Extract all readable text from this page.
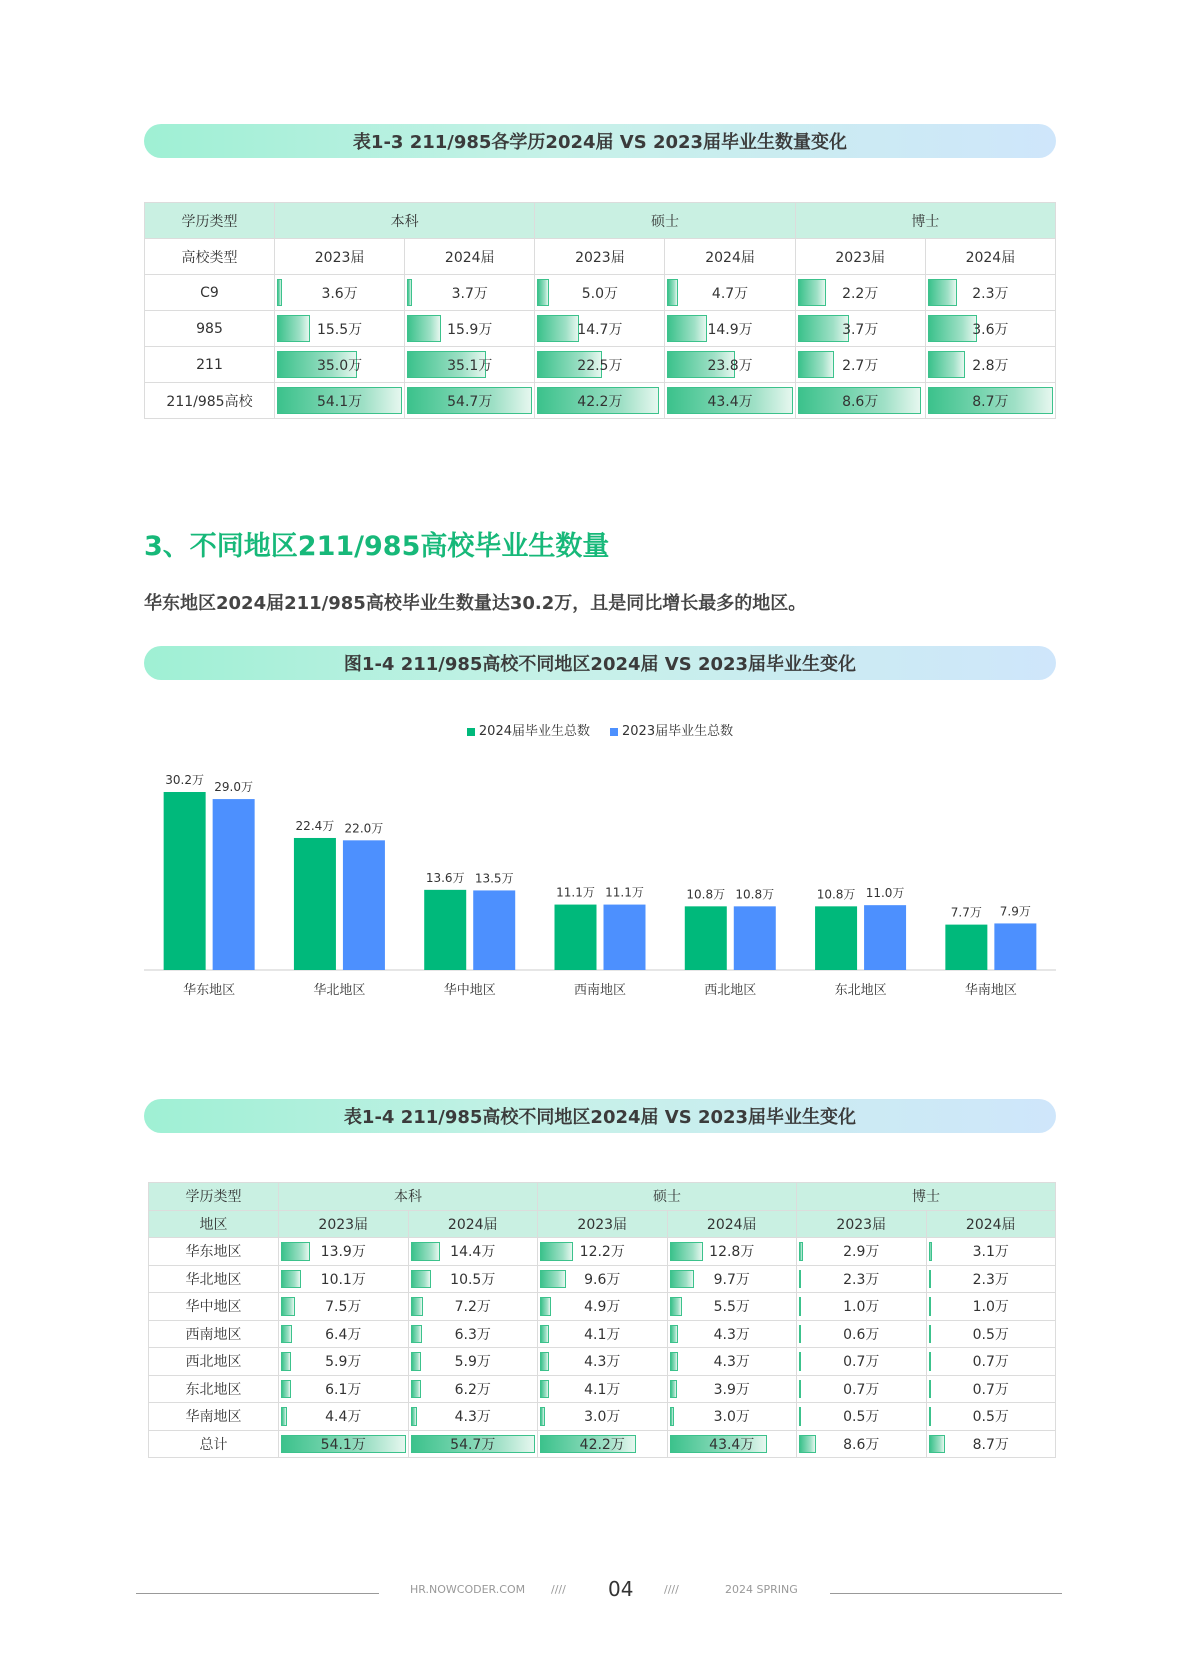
表1-3 211/985各学历2024届 VS 2023届毕业生数量变化
学历类型	本科		硕士		博士	
高校类型	2023届	2024届	2023届	2024届	2023届	2024届
C9	3.6万	3.7万	5.0万	4.7万	2.2万	2.3万
985	15.5万	15.9万	14.7万	14.9万	3.7万	3.6万
211	35.0万	35.1万	22.5万	23.8万	2.7万	2.8万
211/985高校	54.1万	54.7万	42.2万	43.4万	8.6万	8.7万
3、不同地区211/985高校毕业生数量
华东地区2024届211/985高校毕业生数量达30.2万，且是同比增长最多的地区。
图1-4 211/985高校不同地区2024届 VS 2023届毕业生变化
2024届毕业生总数	2023届毕业生总数
30.2万
29.0万
华东地区
22.4万 22.0万
华北地区
13.6万 13.5万
华中地区
11.1万 11.1万
西南地区
10.8万 10.8万
西北地区
10.8万 11.0万
东北地区
7.7万 7.9万
华南地区
表1-4 211/985高校不同地区2024届 VS 2023届毕业生变化
学历类型	本科		硕士		博士	
地区	2023届	2024届	2023届	2024届	2023届	2024届
华东地区	13.9万	14.4万	12.2万	12.8万	2.9万	3.1万
华北地区	10.1万	10.5万	9.6万	9.7万	2.3万	2.3万
华中地区	7.5万	7.2万	4.9万	5.5万	1.0万	1.0万
西南地区	6.4万	6.3万	4.1万	4.3万	0.6万	0.5万
西北地区	5.9万	5.9万	4.3万	4.3万	0.7万	0.7万
东北地区	6.1万	6.2万	4.1万	3.9万	0.7万	0.7万
华南地区	4.4万	4.3万	3.0万	3.0万	0.5万	0.5万
总计	54.1万	54.7万	42.2万	43.4万	8.6万	8.7万
HR.NOWCODER.COM //// 04	////	2024 SPRING
